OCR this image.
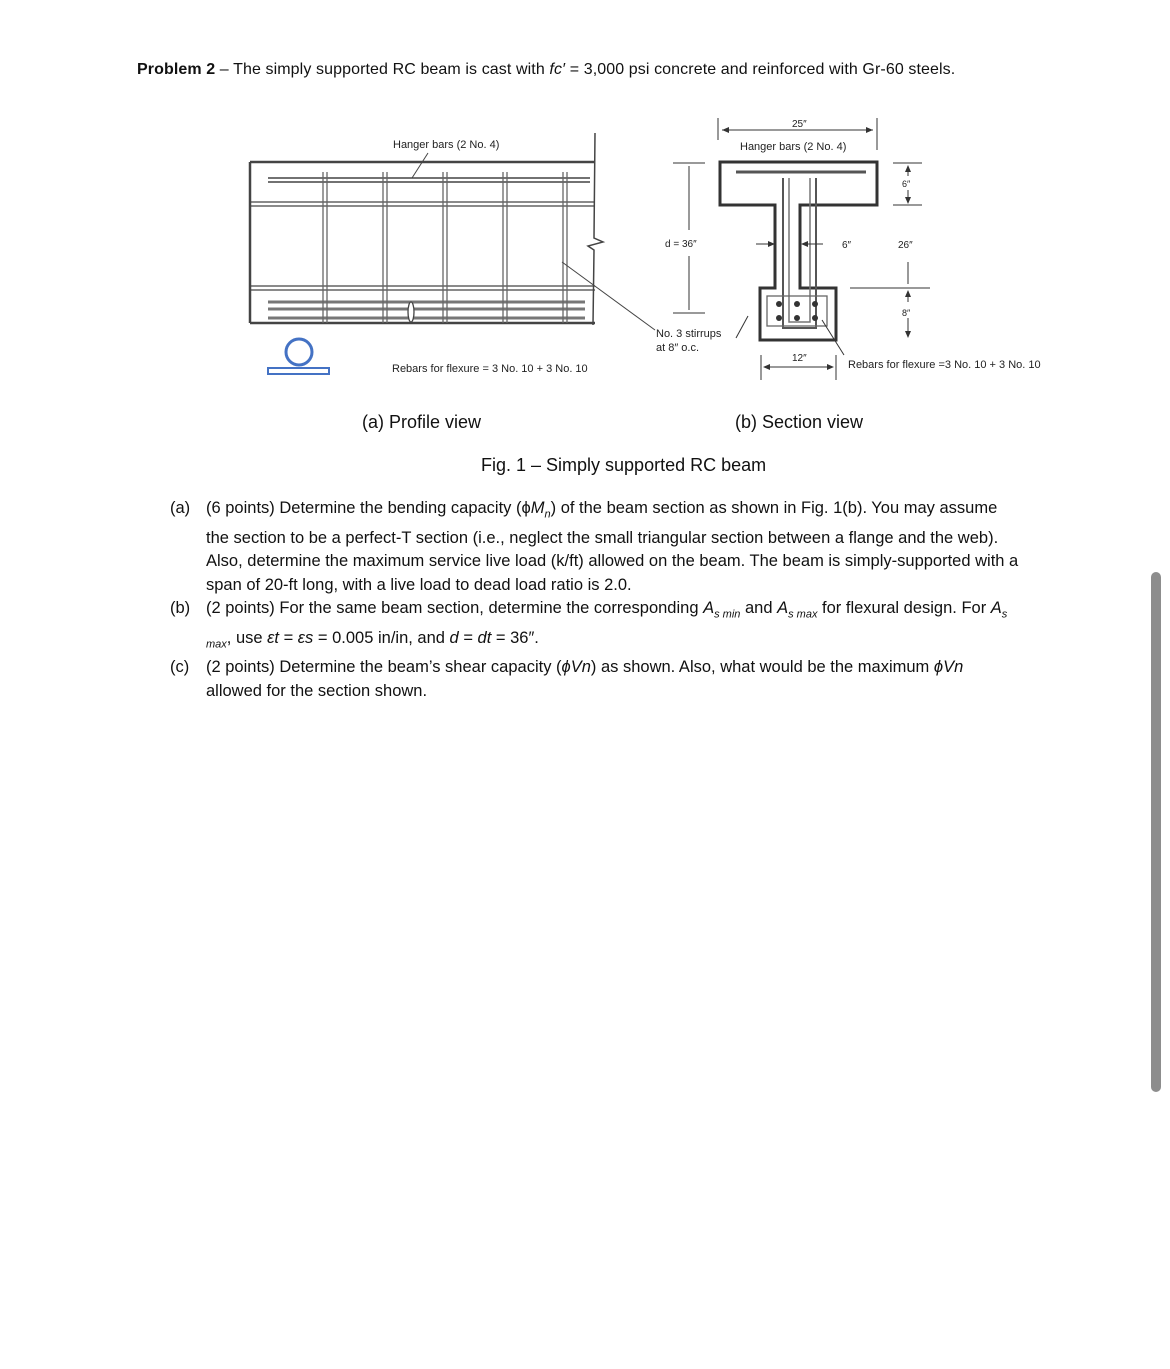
Problem 2 – The simply supported RC beam is cast with fc′ = 3,000 psi concrete and reinforced with Gr-60 steels.
Hanger bars (2 No. 4)
Rebars for flexure = 3 No. 10 + 3 No. 10
No. 3 stirrups
at 8″ o.c.
25″
Hanger bars (2 No. 4)
d = 36″	6″
6″
26″
8″
12″
Rebars for flexure =3 No. 10 + 3 No. 10
(a) Profile view	(b) Section view
Fig. 1 – Simply supported RC beam
(a) (6 points) Determine the bending capacity $(\phi M_n)$ of the beam section as shown in Fig. 1(b). You may assume the section to be a perfect-T section (i.e., neglect the small triangular section between a flange and the web). Also, determine the maximum service live load (k/ft) allowed on the beam. The beam is simply-supported with a span of 20-ft long, with a live load to dead load ratio is 2.0.
(b) (2 points) For the same beam section, determine the corresponding $A_{s min}$ and $A_{s max}$ for flexural design. For $A_{s max}$, use εt = εs = 0.005 in/in, and d = dt = 36″.
(c)	(2 points) Determine the beam’s shear capacity (ϕVn) as shown. Also, what would be the maximum ϕVn allowed for the section shown.
